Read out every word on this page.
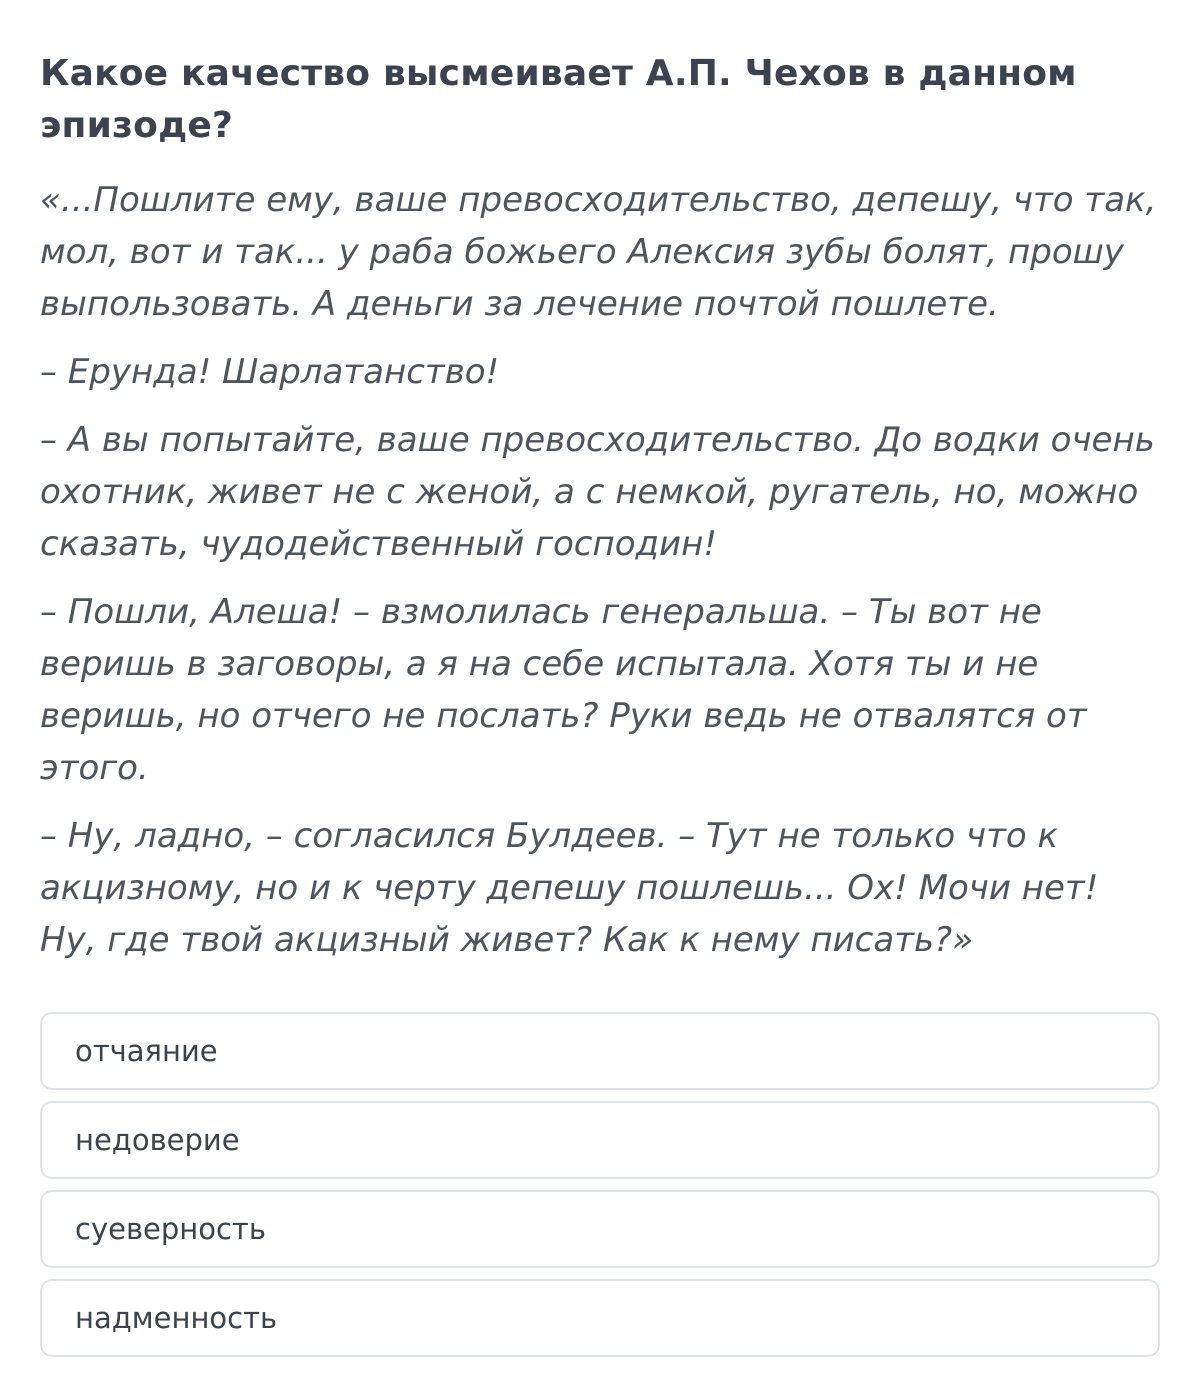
Какое качество высмеивает А.П. Чехов в данном эпизоде?

«...Пошлите ему, ваше превосходительство, депешу, что так, мол, вот и так... у раба божьего Алексия зубы болят, прошу выпользовать. А деньги за лечение почтой пошлете.

– Ерунда! Шарлатанство!

– А вы попытайте, ваше превосходительство. До водки очень охотник, живет не с женой, а с немкой, ругатель, но, можно сказать, чудодейственный господин!

– Пошли, Алеша! – взмолилась генеральша. – Ты вот не веришь в заговоры, а я на себе испытала. Хотя ты и не веришь, но отчего не послать? Руки ведь не отвалятся от этого.

– Ну, ладно, – согласился Булдеев. – Тут не только что к акцизному, но и к черту депешу пошлешь... Ох! Мочи нет! Ну, где твой акцизный живет? Как к нему писать?»

отчаяние
недоверие
суеверность
надменность
